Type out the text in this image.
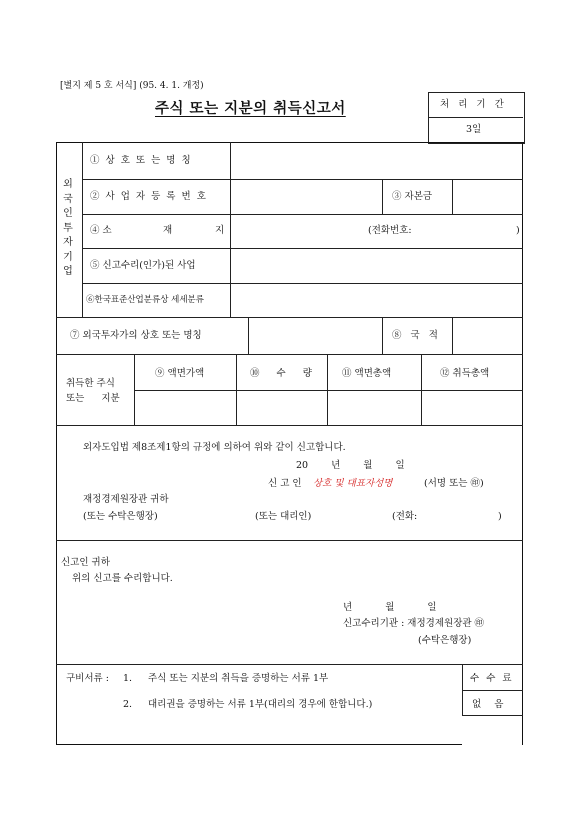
[별지 제 5 호 서식] (95. 4. 1. 개정)
주식 또는 지분의 취득신고서	처 리 기 간
3일
외
국
인
투
자
기
업
① 상 호 또 는 명 칭
② 사 업 자 등 록 번 호	③ 자본금
④ 소	재	지	(전화번호:	)
⑤ 신고수리(인가)된 사업
⑥한국표준산업분류상 세세분류
⑦ 외국투자가의 상호 또는 명칭	⑧ 국 적
취득한 주식
또는 지분
⑨ 액면가액	⑩ 수 량	⑪ 액면총액	⑫ 취득총액
외자도입법 제8조제1항의 규정에 의하여 위와 같이 신고합니다.
20 년 월 일
신 고 인 상호 및 대표자성명	(서명 또는 ㊞)
재정경제원장관 귀하
(또는 수탁은행장)	(또는 대리인)	(전화:	)
신고인 귀하
위의 신고를 수리합니다.
년 월 일
신고수리기관 : 재정경제원장관 ㊞
(수탁은행장)
구비서류 : 1. 주식 또는 지분의 취득을 증명하는 서류 1부
2. 대리권을 증명하는 서류 1부(대리의 경우에 한합니다.)
수 수 료
없 음
